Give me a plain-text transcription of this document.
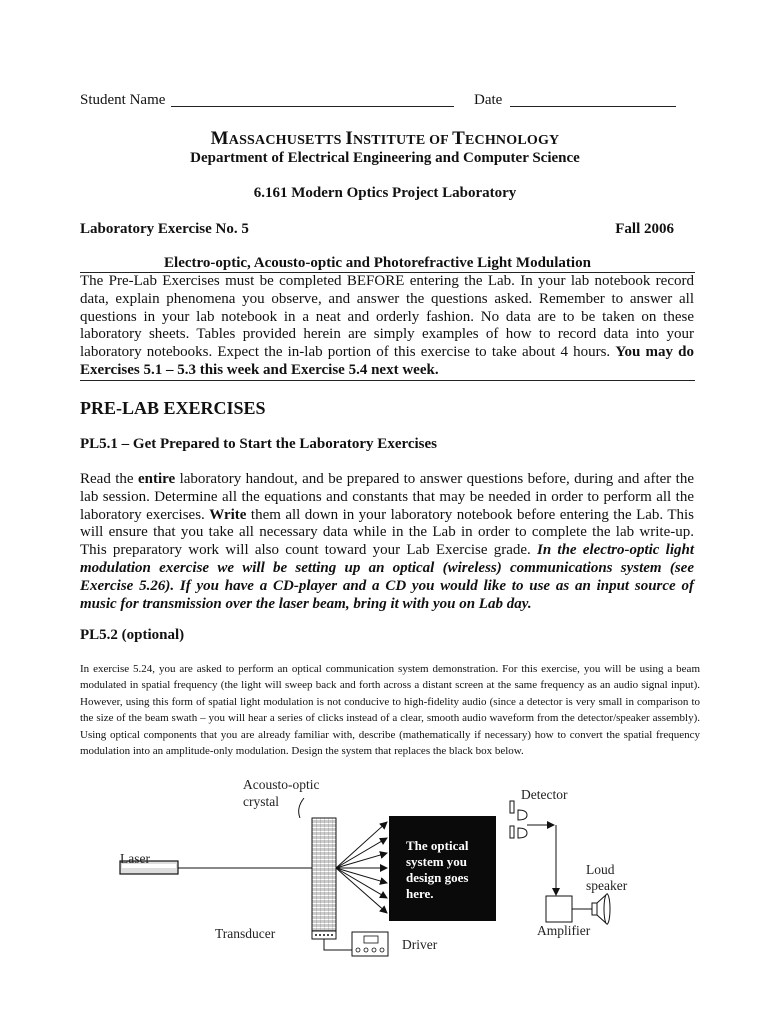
Student Name	Date
MASSACHUSETTS INSTITUTE OF TECHNOLOGY
Department of Electrical Engineering and Computer Science
6.161 Modern Optics Project Laboratory
Laboratory Exercise No. 5	Fall 2006
Electro-optic, Acousto-optic and Photorefractive Light Modulation
The Pre-Lab Exercises must be completed BEFORE entering the Lab. In your lab notebook record data, explain phenomena you observe, and answer the questions asked. Remember to answer all questions in your lab notebook in a neat and orderly fashion. No data are to be taken on these laboratory sheets. Tables provided herein are simply examples of how to record data into your laboratory notebooks. Expect the in-lab portion of this exercise to take about 4 hours. You may do Exercises 5.1 – 5.3 this week and Exercise 5.4 next week.
PRE-LAB EXERCISES
PL5.1 – Get Prepared to Start the Laboratory Exercises
Read the entire laboratory handout, and be prepared to answer questions before, during and after the lab session. Determine all the equations and constants that may be needed in order to perform all the laboratory exercises. Write them all down in your laboratory notebook before entering the Lab. This will ensure that you take all necessary data while in the Lab in order to complete the lab write-up. This preparatory work will also count toward your Lab Exercise grade. In the electro-optic light modulation exercise we will be setting up an optical (wireless) communications system (see Exercise 5.26). If you have a CD-player and a CD you would like to use as an input source of music for transmission over the laser beam, bring it with you on Lab day.
PL5.2 (optional)
In exercise 5.24, you are asked to perform an optical communication system demonstration. For this exercise, you will be using a beam modulated in spatial frequency (the light will sweep back and forth across a distant screen at the same frequency as an audio signal input). However, using this form of spatial light modulation is not conducive to high-fidelity audio (since a detector is very small in comparison to the size of the beam swath – you will hear a series of clicks instead of a clear, smooth audio waveform from the detector/speaker assembly). Using optical components that you are already familiar with, describe (mathematically if necessary) how to convert the spatial frequency modulation into an amplitude-only modulation. Design the system that replaces the black box below.
Acousto-optic
crystal
Laser
Detector
The optical
system you
design goes
here.
Loud
speaker
Transducer
Driver
Amplifier
